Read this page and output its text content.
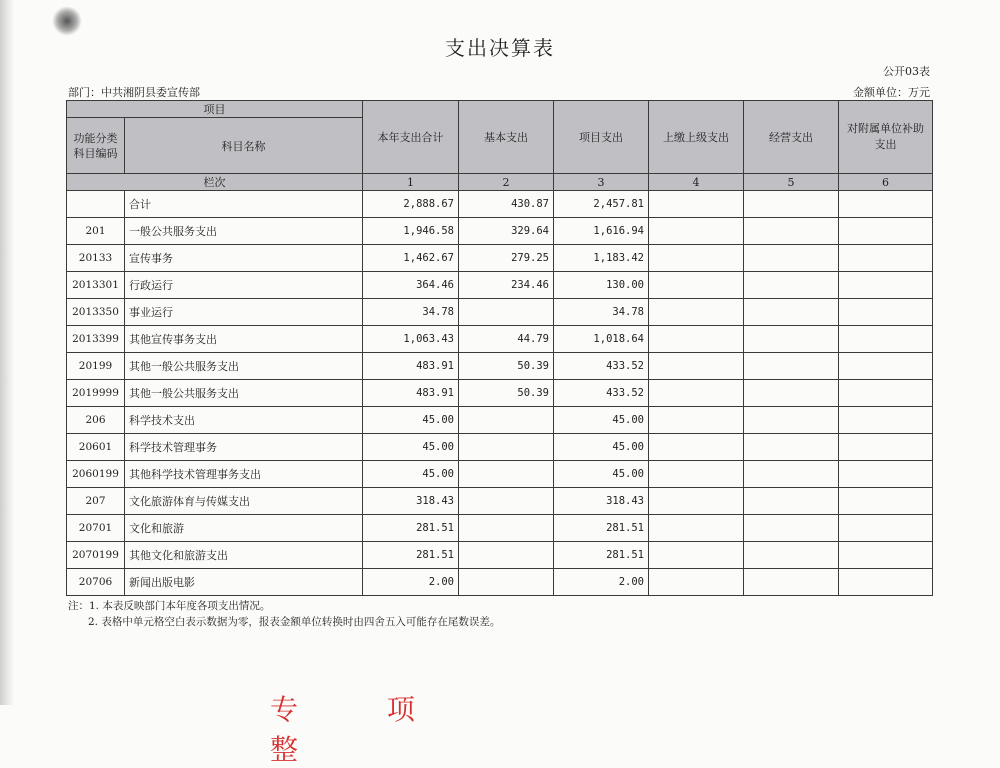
支出决算表
公开03表
部门：中共湘阴县委宣传部	金额单位：万元
项目		本年支出合计	基本支出	项目支出	上缴上级支出	经营支出	对附属单位补助支出
功能分类科目编码	科目名称						
栏次		1	2	3	4	5	6
	合计	2,888.67	430.87	2,457.81			
201	一般公共服务支出	1,946.58	329.64	1,616.94			
20133	宣传事务	1,462.67	279.25	1,183.42			
2013301	行政运行	364.46	234.46	130.00			
2013350	事业运行	34.78		34.78			
2013399	其他宣传事务支出	1,063.43	44.79	1,018.64			
20199	其他一般公共服务支出	483.91	50.39	433.52			
2019999	其他一般公共服务支出	483.91	50.39	433.52			
206	科学技术支出	45.00		45.00			
20601	科学技术管理事务	45.00		45.00			
2060199	其他科学技术管理事务支出	45.00		45.00			
207	文化旅游体育与传媒支出	318.43		318.43			
20701	文化和旅游	281.51		281.51			
2070199	其他文化和旅游支出	281.51		281.51			
20706	新闻出版电影	2.00		2.00			
注：1. 本表反映部门本年度各项支出情况。
2. 表格中单元格空白表示数据为零，报表金额单位转换时由四舍五入可能存在尾数误差。
专 项 整
